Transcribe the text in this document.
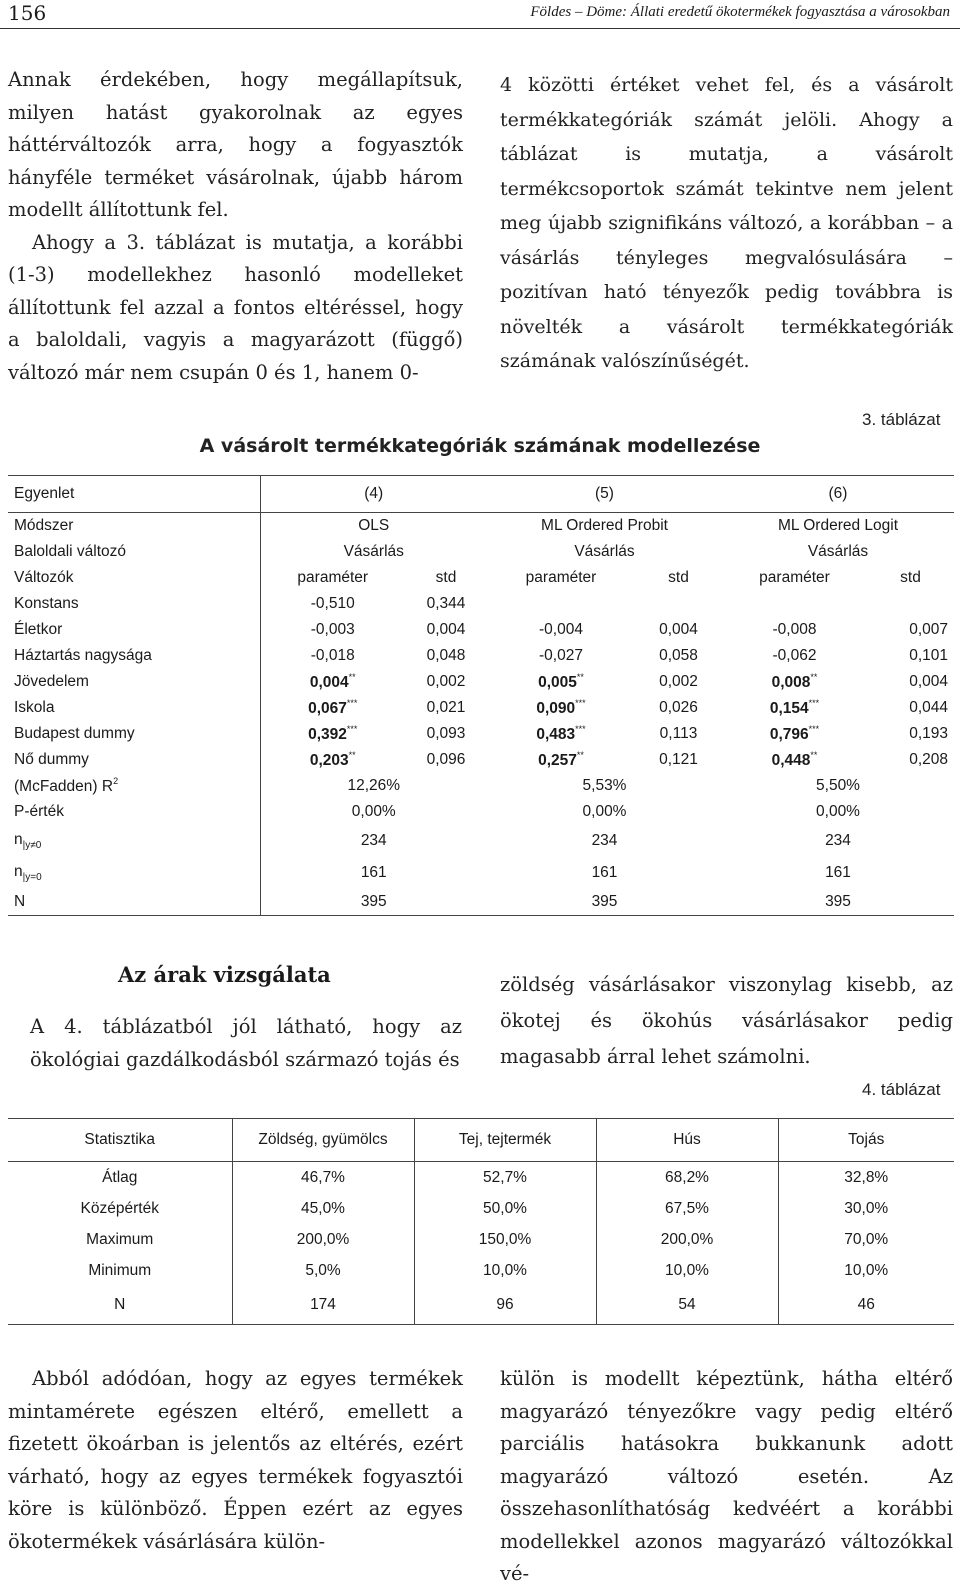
156	Földes – Döme: Állati eredetű ökotermékek fogyasztása a városokban

Annak érdekében, hogy megállapítsuk, milyen hatást gyakorolnak az egyes háttérváltozók arra, hogy a fogyasztók hányféle terméket vásárolnak, újabb három modellt állítottunk fel.

Ahogy a 3. táblázat is mutatja, a korábbi (1-3) modellekhez hasonló modelleket állítottunk fel azzal a fontos eltéréssel, hogy a baloldali, vagyis a magyarázott (függő) változó már nem csupán 0 és 1, hanem 0-

4 közötti értéket vehet fel, és a vásárolt termékkategóriák számát jelöli. Ahogy a táblázat is mutatja, a vásárolt termékcsoportok számát tekintve nem jelent meg újabb szignifikáns változó, a korábban – a vásárlás tényleges megvalósulására – pozitívan ható tényezők pedig továbbra is növelték a vásárolt termékkategóriák számának valószínűségét.

3. táblázat
A vásárolt termékkategóriák számának modellezése
Egyenlet	(4)		(5)		(6)	
Módszer	OLS		ML Ordered Probit		ML Ordered Logit	
Baloldali változó	Vásárlás		Vásárlás		Vásárlás	
Változók	paraméter	std	paraméter	std	paraméter	std
Konstans	-0,510	0,344				
Életkor	-0,003	0,004	-0,004	0,004	-0,008	0,007
Háztartás nagysága	-0,018	0,048	-0,027	0,058	-0,062	0,101
Jövedelem	0,004**	0,002	0,005**	0,002	0,008**	0,004
Iskola	0,067***	0,021	0,090***	0,026	0,154***	0,044
Budapest dummy	0,392***	0,093	0,483***	0,113	0,796***	0,193
Nő dummy	0,203**	0,096	0,257**	0,121	0,448**	0,208
(McFadden) $R^2$	12,26%		5,53%		5,50%	
P-érték	0,00%		0,00%		0,00%	
$n_{|y\ne 0}$	234		234		234	
$n_{|y=0}$	161		161		161	
N	395		395		395	
Az árak vizsgálata

A 4. táblázatból jól látható, hogy az ökológiai gazdálkodásból származó tojás és

zöldség vásárlásakor viszonylag kisebb, az ökotej és ökohús vásárlásakor pedig magasabb árral lehet számolni.

4. táblázat
Statisztika	Zöldség, gyümölcs	Tej, tejtermék	Hús	Tojás
Átlag	46,7%	52,7%	68,2%	32,8%
Középérték	45,0%	50,0%	67,5%	30,0%
Maximum	200,0%	150,0%	200,0%	70,0%
Minimum	5,0%	10,0%	10,0%	10,0%
N	174	96	54	46

Abból adódóan, hogy az egyes termékek mintamérete egészen eltérő, emellett a fizetett ökoárban is jelentős az eltérés, ezért várható, hogy az egyes termékek fogyasztói köre is különböző. Éppen ezért az egyes ökotermékek vásárlására külön-

külön is modellt képeztünk, hátha eltérő magyarázó tényezőkre vagy pedig eltérő parciális hatásokra bukkanunk adott magyarázó változó esetén. Az összehasonlíthatóság kedvéért a korábbi modellekkel azonos magyarázó változókkal vé-
